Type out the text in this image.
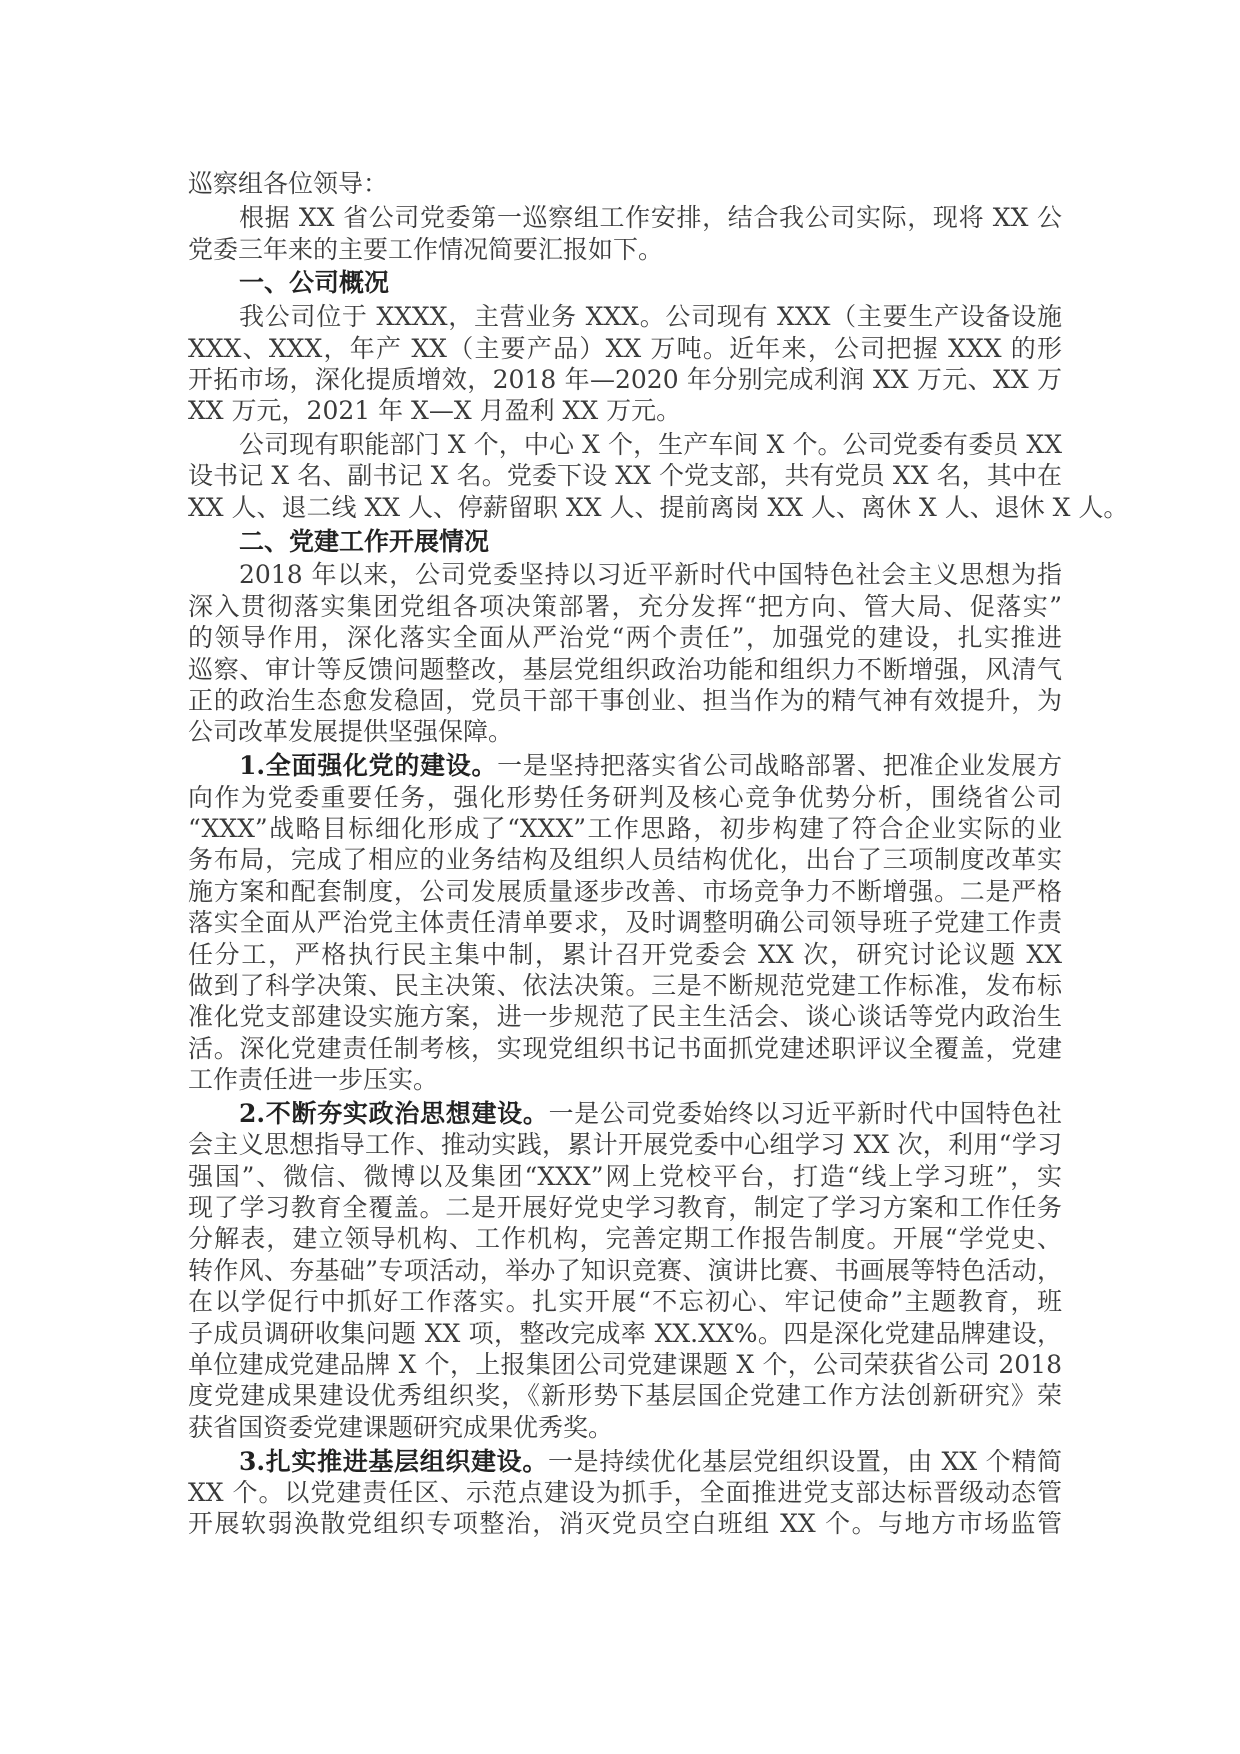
巡察组各位领导：
根据 XX 省公司党委第一巡察组工作安排，结合我公司实际，现将 XX 公
党委三年来的主要工作情况简要汇报如下。
一、公司概况
我公司位于 XXXX，主营业务 XXX。公司现有 XXX（主要生产设备设施
XXX、XXX，年产 XX（主要产品）XX 万吨。近年来，公司把握 XXX 的形
开拓市场，深化提质增效，2018 年—2020 年分别完成利润 XX 万元、XX 万
XX 万元，2021 年 X—X 月盈利 XX 万元。
公司现有职能部门 X 个，中心 X 个，生产车间 X 个。公司党委有委员 XX
设书记 X 名、副书记 X 名。党委下设 XX 个党支部，共有党员 XX 名，其中在
XX 人、退二线 XX 人、停薪留职 XX 人、提前离岗 XX 人、离休 X 人、退休 X 人。
二、党建工作开展情况
2018 年以来，公司党委坚持以习近平新时代中国特色社会主义思想为指
深入贯彻落实集团党组各项决策部署，充分发挥“把方向、管大局、促落实”
的领导作用，深化落实全面从严治党“两个责任”，加强党的建设，扎实推进
巡察、审计等反馈问题整改，基层党组织政治功能和组织力不断增强，风清气
正的政治生态愈发稳固，党员干部干事创业、担当作为的精气神有效提升，为
公司改革发展提供坚强保障。
1.全面强化党的建设。一是坚持把落实省公司战略部署、把准企业发展方
向作为党委重要任务，强化形势任务研判及核心竞争优势分析，围绕省公司
“XXX”战略目标细化形成了“XXX”工作思路，初步构建了符合企业实际的业
务布局，完成了相应的业务结构及组织人员结构优化，出台了三项制度改革实
施方案和配套制度，公司发展质量逐步改善、市场竞争力不断增强。二是严格
落实全面从严治党主体责任清单要求，及时调整明确公司领导班子党建工作责
任分工，严格执行民主集中制，累计召开党委会 XX 次，研究讨论议题 XX
做到了科学决策、民主决策、依法决策。三是不断规范党建工作标准，发布标
准化党支部建设实施方案，进一步规范了民主生活会、谈心谈话等党内政治生
活。深化党建责任制考核，实现党组织书记书面抓党建述职评议全覆盖，党建
工作责任进一步压实。
2.不断夯实政治思想建设。一是公司党委始终以习近平新时代中国特色社
会主义思想指导工作、推动实践，累计开展党委中心组学习 XX 次，利用“学习
强国”、微信、微博以及集团“XXX”网上党校平台，打造“线上学习班”，实
现了学习教育全覆盖。二是开展好党史学习教育，制定了学习方案和工作任务
分解表，建立领导机构、工作机构，完善定期工作报告制度。开展“学党史、
转作风、夯基础”专项活动，举办了知识竞赛、演讲比赛、书画展等特色活动，
在以学促行中抓好工作落实。扎实开展“不忘初心、牢记使命”主题教育，班
子成员调研收集问题 XX 项，整改完成率 XX.XX%。四是深化党建品牌建设，
单位建成党建品牌 X 个，上报集团公司党建课题 X 个，公司荣获省公司 2018
度党建成果建设优秀组织奖，《新形势下基层国企党建工作方法创新研究》荣
获省国资委党建课题研究成果优秀奖。
3.扎实推进基层组织建设。一是持续优化基层党组织设置，由 XX 个精简
XX 个。以党建责任区、示范点建设为抓手，全面推进党支部达标晋级动态管
开展软弱涣散党组织专项整治，消灭党员空白班组 XX 个。与地方市场监管
